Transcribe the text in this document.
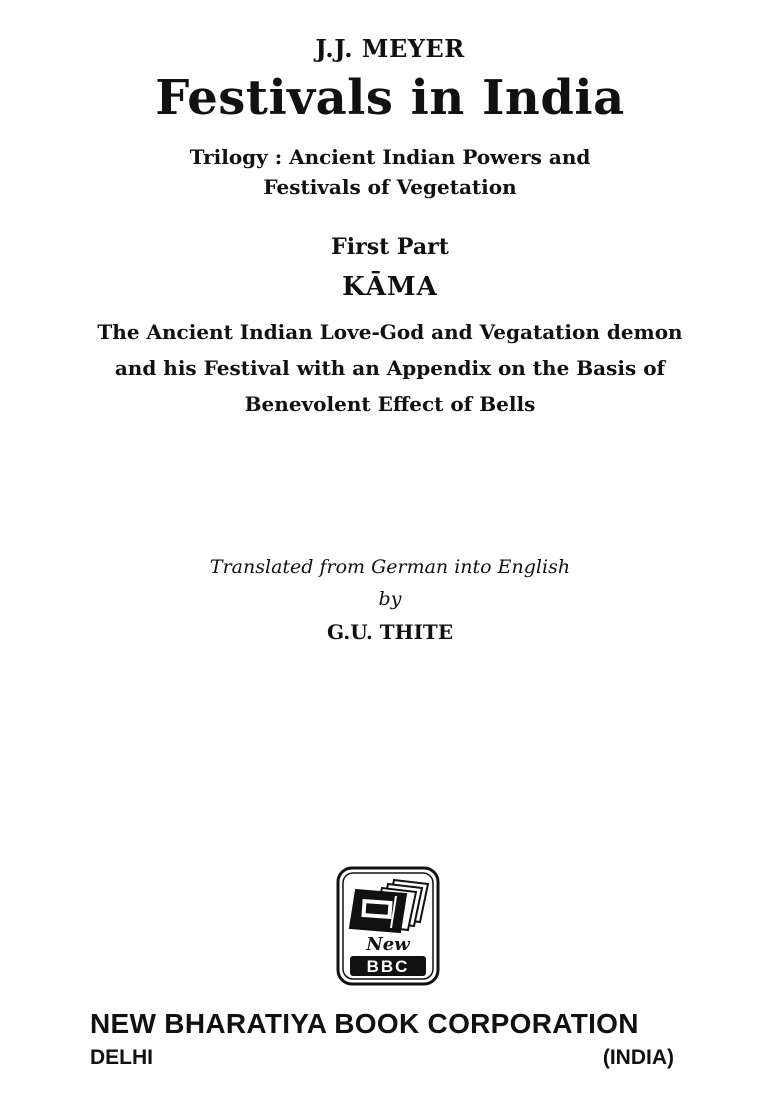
J.J. MEYER
Festivals in India
Trilogy : Ancient Indian Powers and
Festivals of Vegetation
First Part
KĀMA
The Ancient Indian Love-God and Vegatation demon
and his Festival with an Appendix on the Basis of
Benevolent Effect of Bells
Translated from German into English
by
G.U. THITE
New
BBC
NEW BHARATIYA BOOK CORPORATION
DELHI	(INDIA)
